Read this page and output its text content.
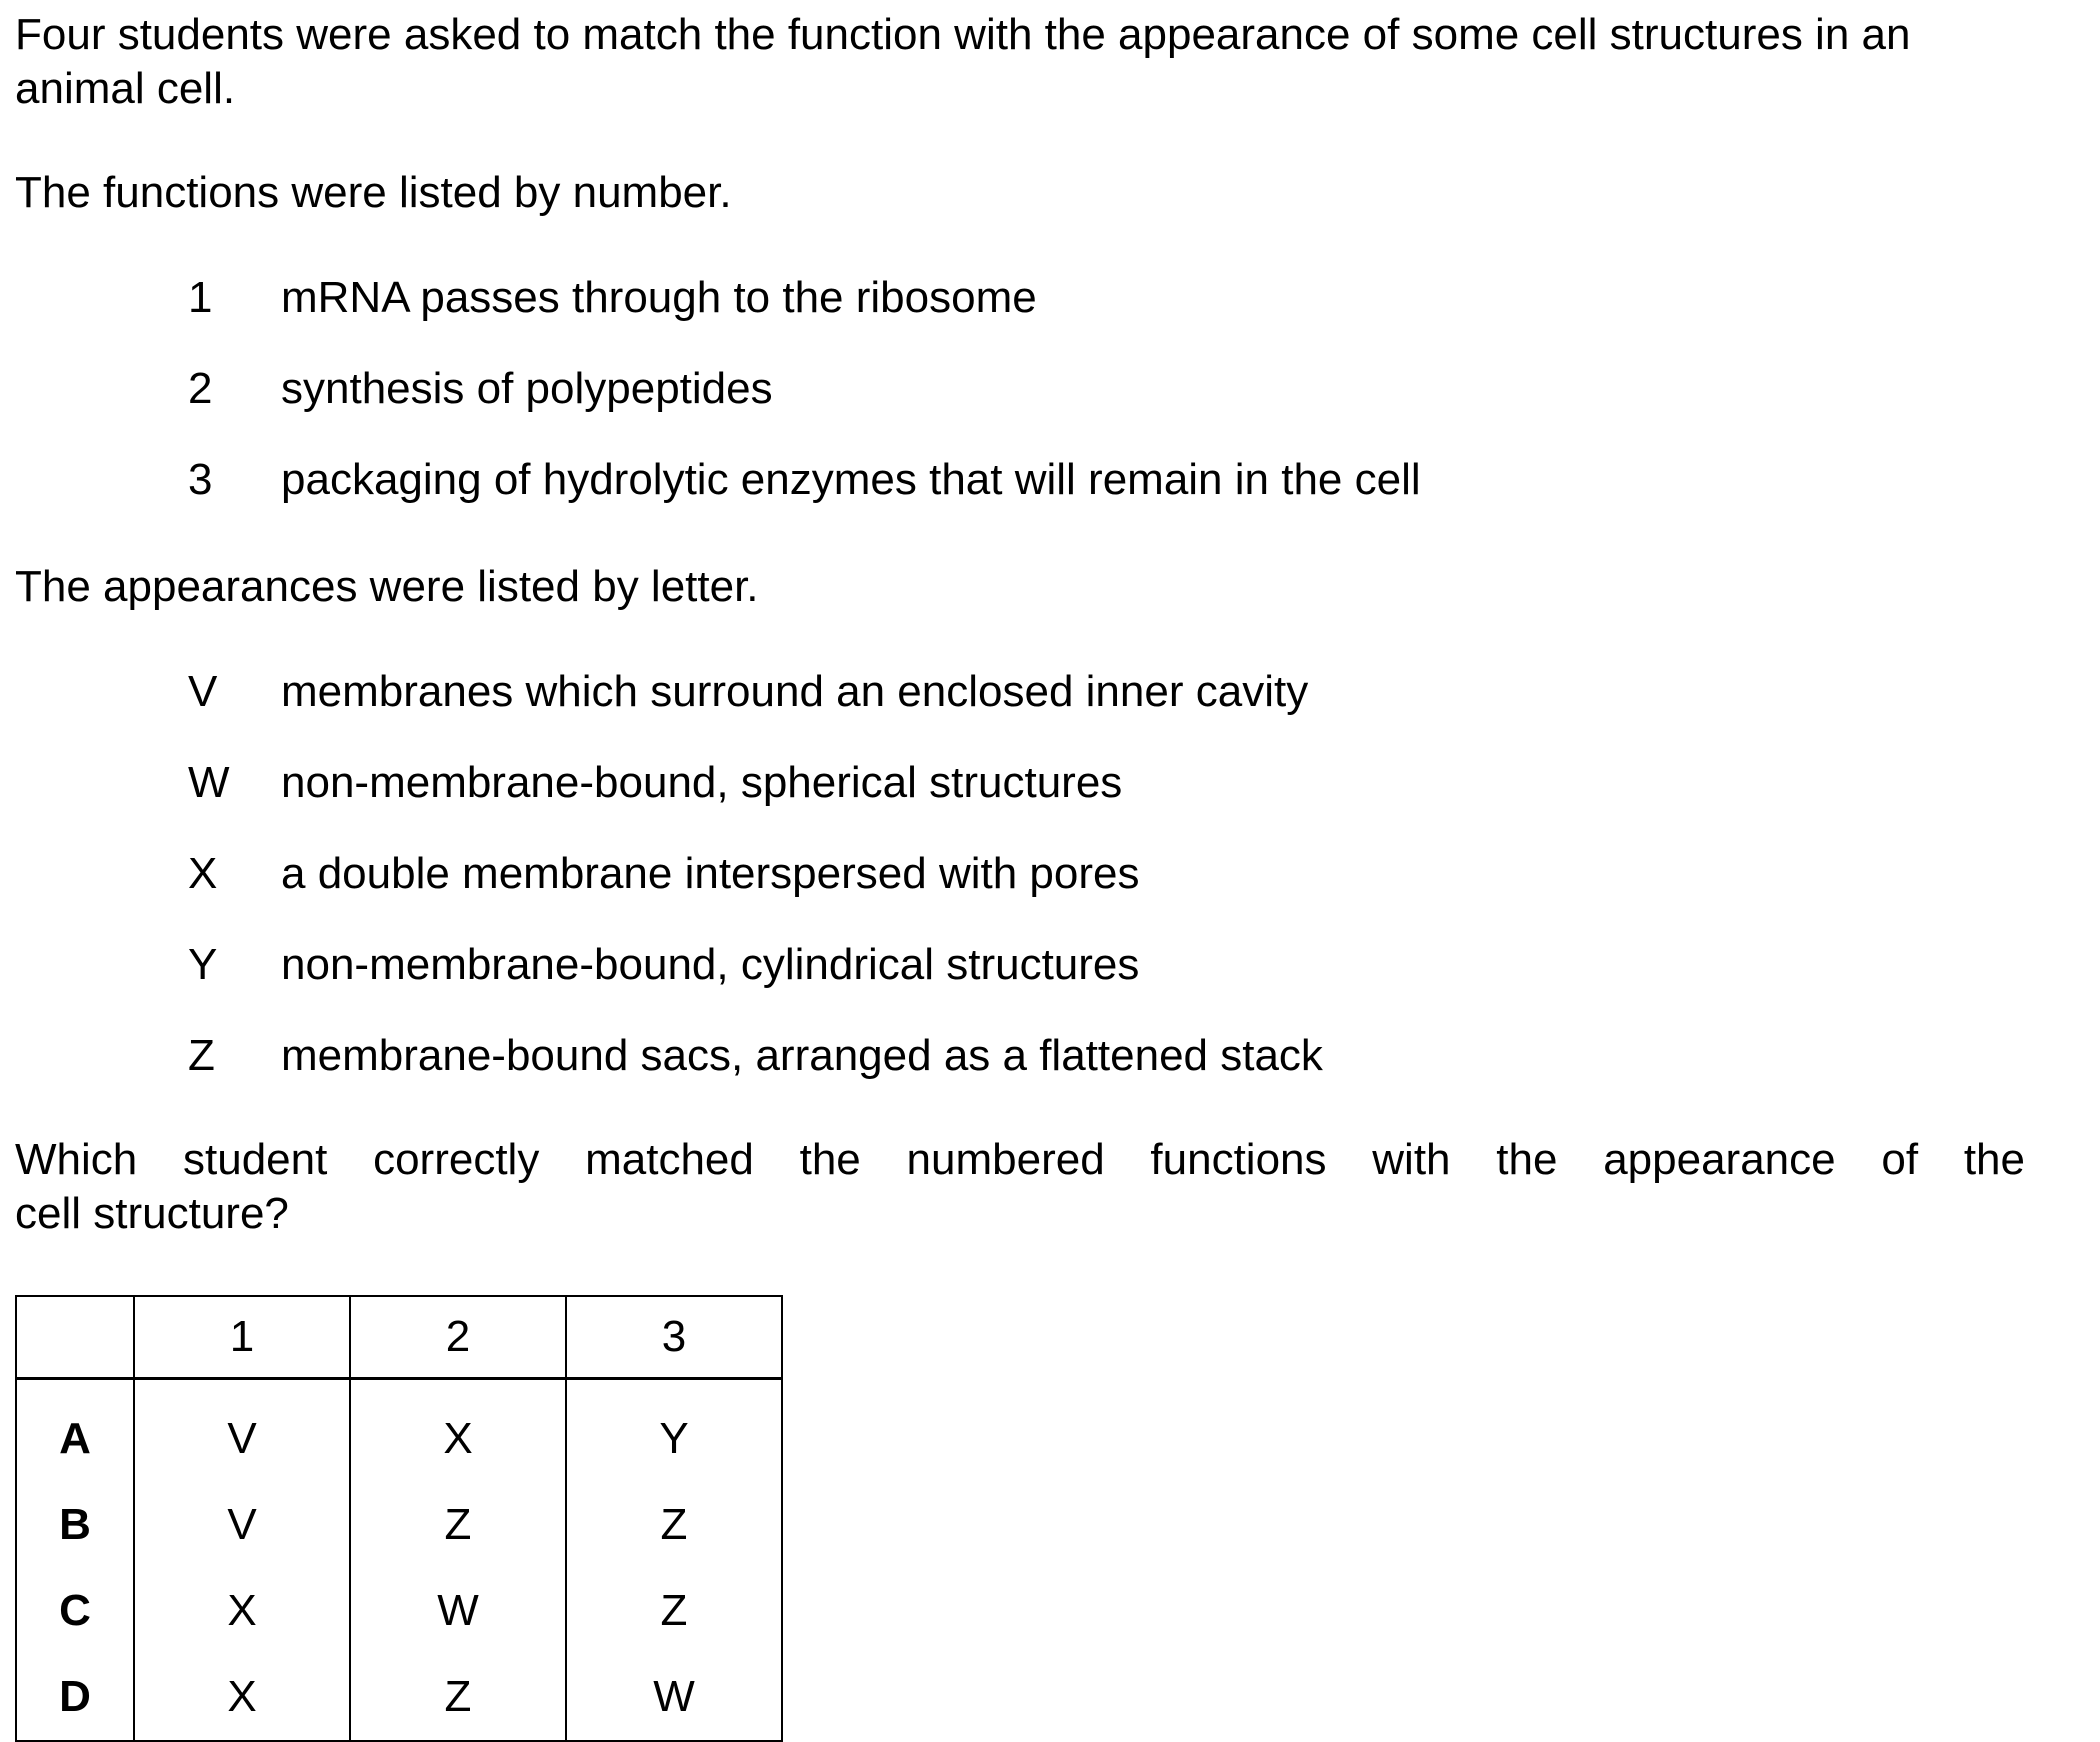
Four students were asked to match the function with the appearance of some cell structures in an animal cell.

The functions were listed by number.

1	mRNA passes through to the ribosome
2	synthesis of polypeptides
3	packaging of hydrolytic enzymes that will remain in the cell

The appearances were listed by letter.

V	membranes which surround an enclosed inner cavity
W	non-membrane-bound, spherical structures
X	a double membrane interspersed with pores
Y	non-membrane-bound, cylindrical structures
Z	membrane-bound sacs, arranged as a flattened stack

Which student correctly matched the numbered functions with the appearance of the
cell structure?

	1	2	3
A	V	X	Y
B	V	Z	Z
C	X	W	Z
D	X	Z	W
